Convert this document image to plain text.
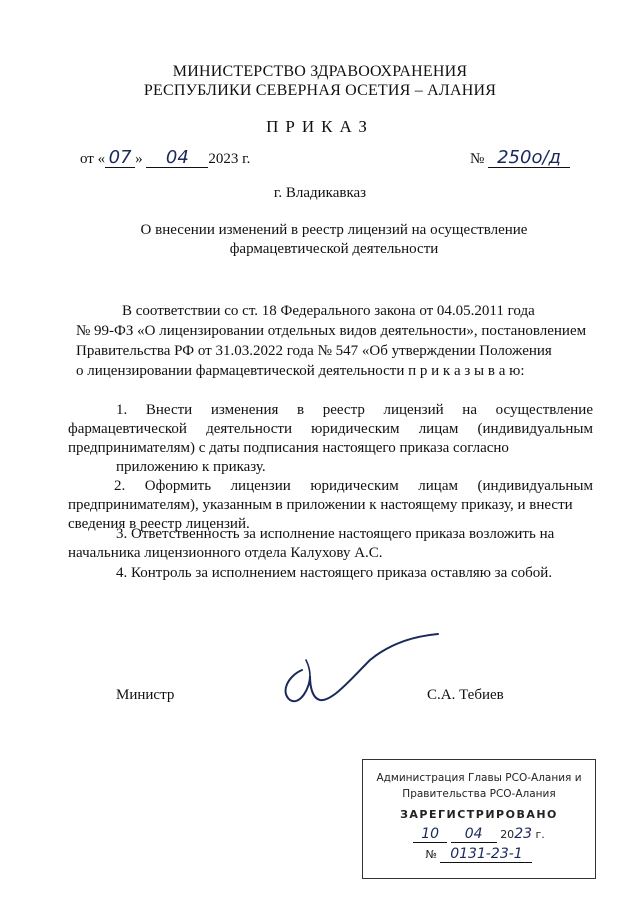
МИНИСТЕРСТВО ЗДРАВООХРАНЕНИЯ
РЕСПУБЛИКИ СЕВЕРНАЯ ОСЕТИЯ – АЛАНИЯ
ПРИКАЗ
от « 07 » 04 2023 г.	№ 250о/д
г. Владикавказ
О внесении изменений в реестр лицензий на осуществление
фармацевтической деятельности
В соответствии со ст. 18 Федерального закона от 04.05.2011 года
№ 99-ФЗ «О лицензировании отдельных видов деятельности», постановлением
Правительства РФ от 31.03.2022 года № 547 «Об утверждении Положения
о лицензировании фармацевтической деятельности п р и к а з ы в а ю:
1. Внести изменения в реестр лицензий на осуществление фармацевтической деятельности юридическим лицам (индивидуальным предпринимателям) с даты подписания настоящего приказа согласно
приложению к приказу.
2. Оформить лицензии юридическим лицам (индивидуальным предпринимателям), указанным в приложении к настоящему приказу, и внести
сведения в реестр лицензий.
3. Ответственность за исполнение настоящего приказа возложить на
начальника лицензионного отдела Калухову А.С.
4. Контроль за исполнением настоящего приказа оставляю за собой.
Министр	С.А. Тебиев
Администрация Главы РСО-Алания и
Правительства РСО-Алания
ЗАРЕГИСТРИРОВАНО
10 04 2023 г.
№ 0131-23-1
